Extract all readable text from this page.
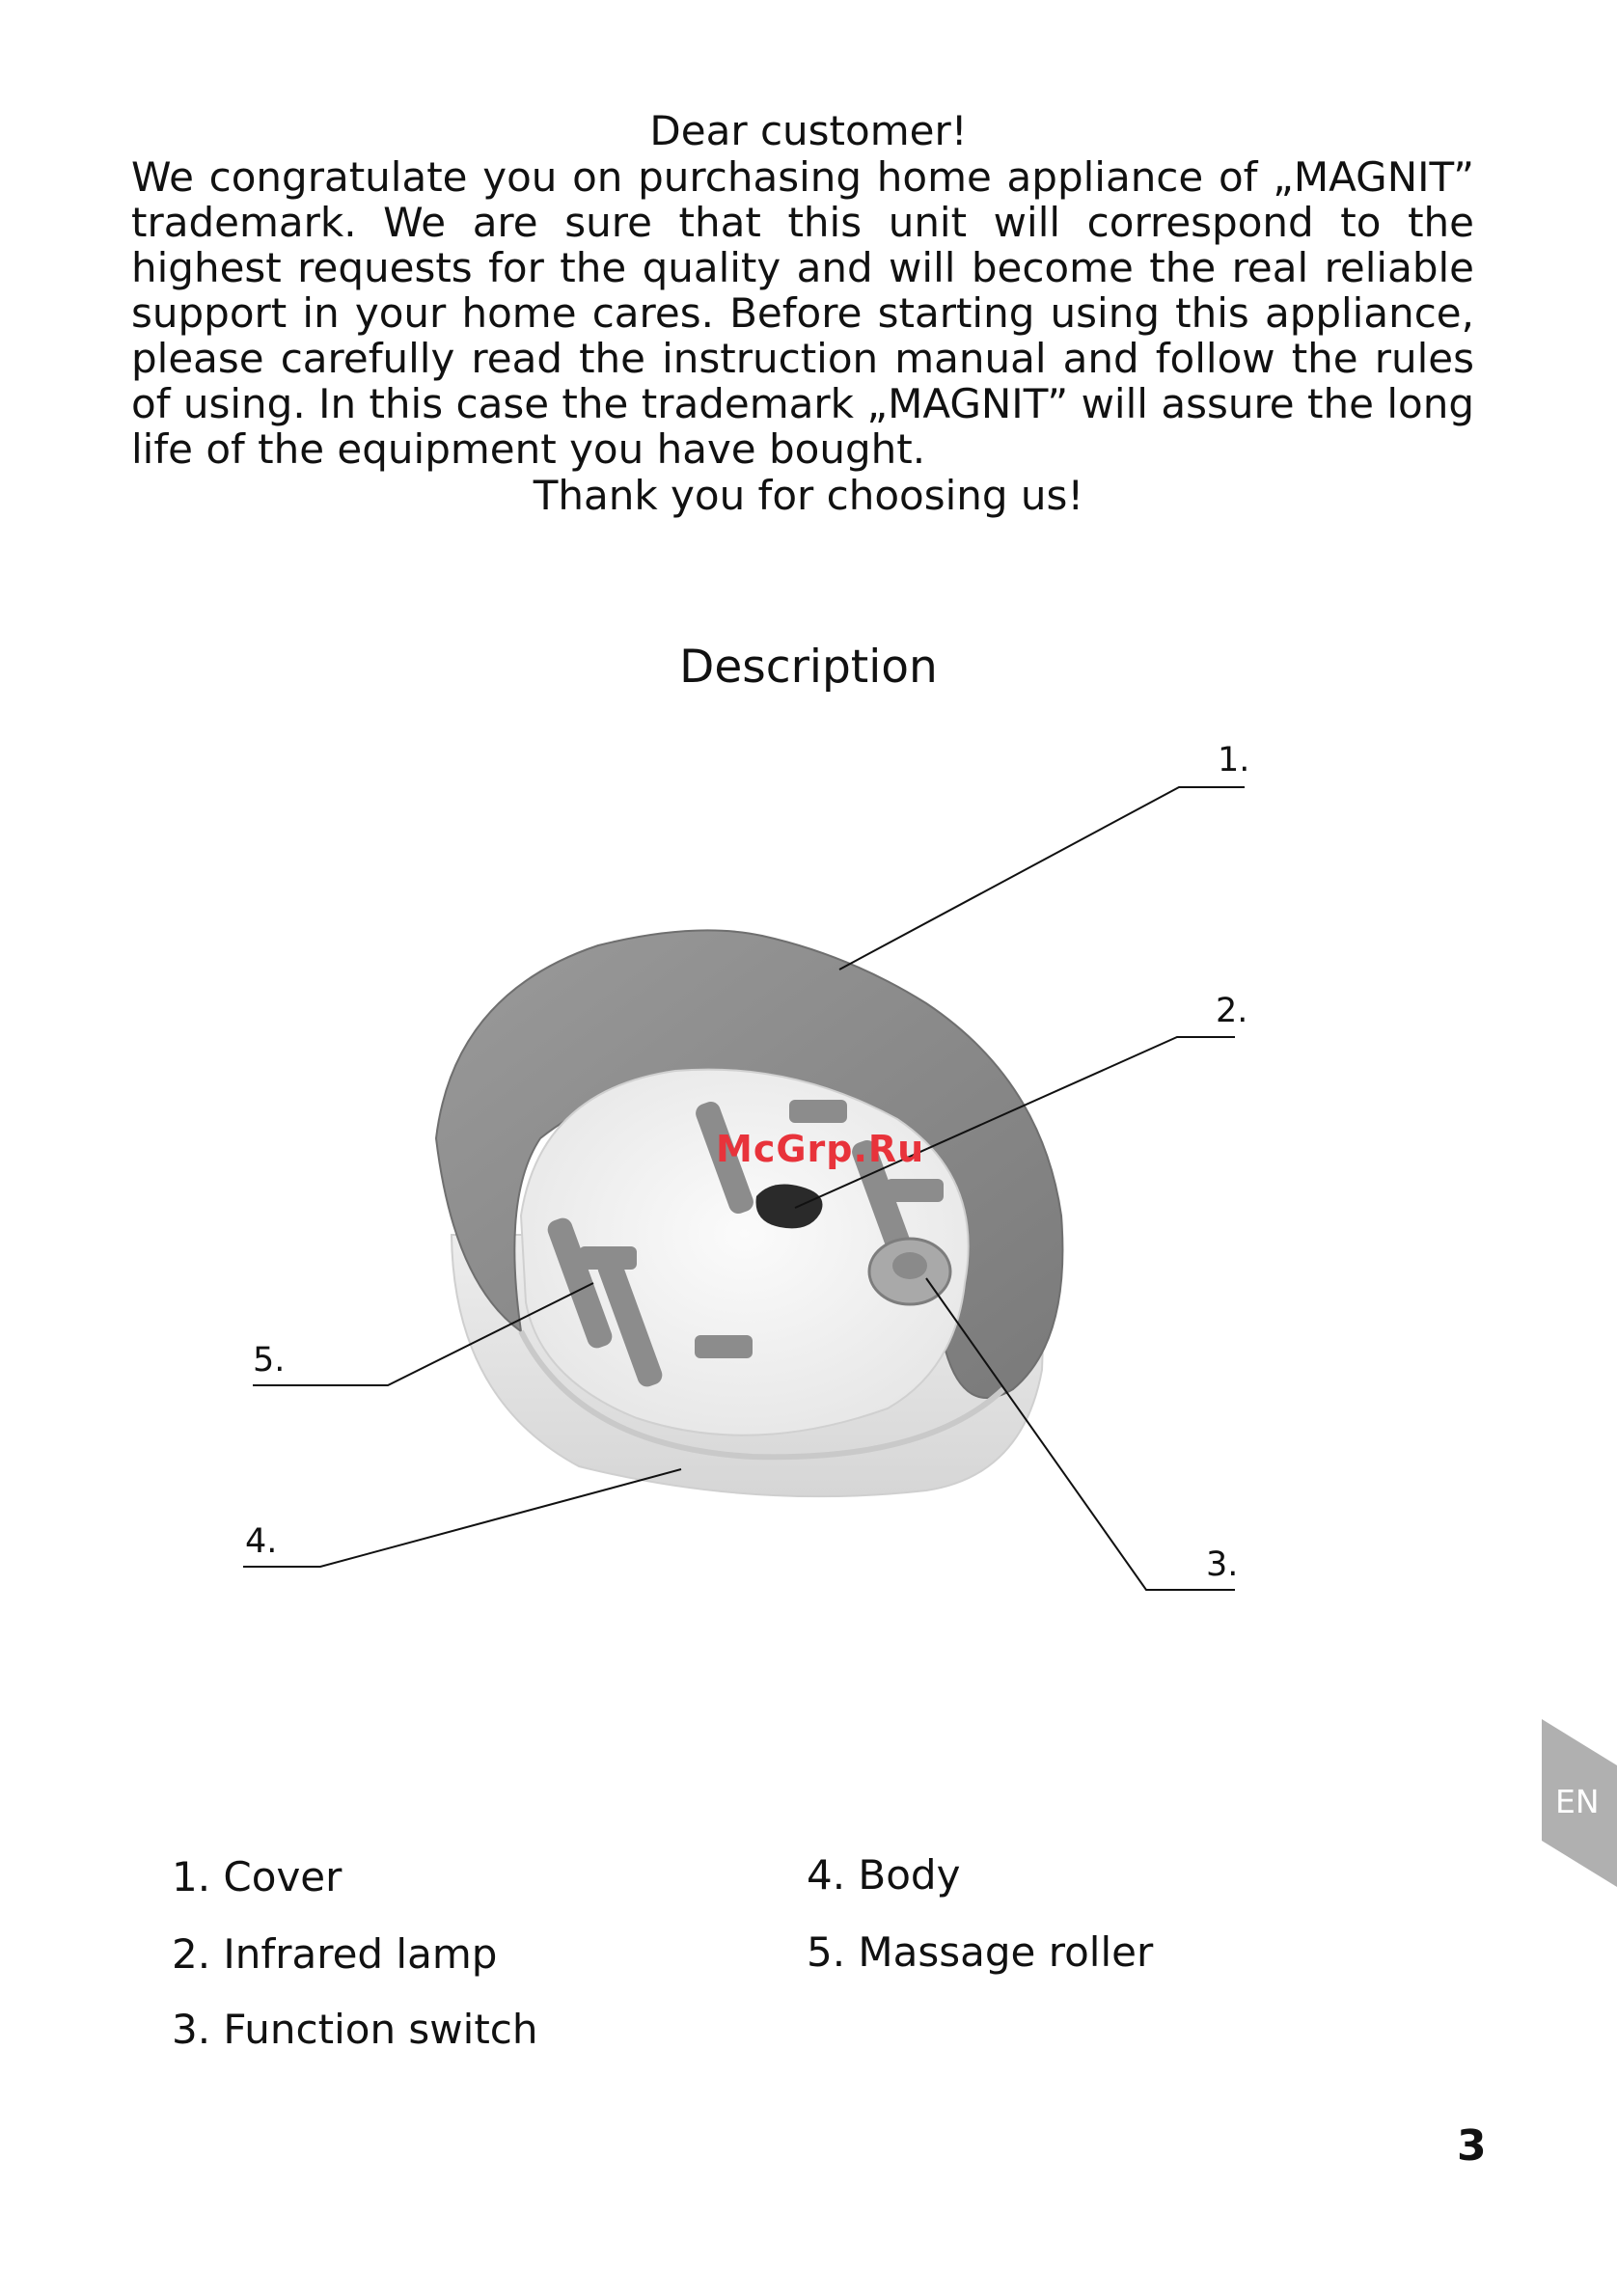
Dear customer!

We congratulate you on purchasing home appliance of „MAGNIT” trademark. We are sure that this unit will correspond to the highest requests for the quality and will become the real reliable support in your home cares. Before starting using this appliance, please carefully read the instruction manual and follow the rules of using. In this case the trademark „MAGNIT” will assure the long life of the equipment you have bought.

Thank you for choosing us!
Description
1.
2.
3.
4.
5.
McGrp.Ru
1. Cover
2. Infrared lamp
3. Function switch
4. Body
5. Massage roller
EN
3
